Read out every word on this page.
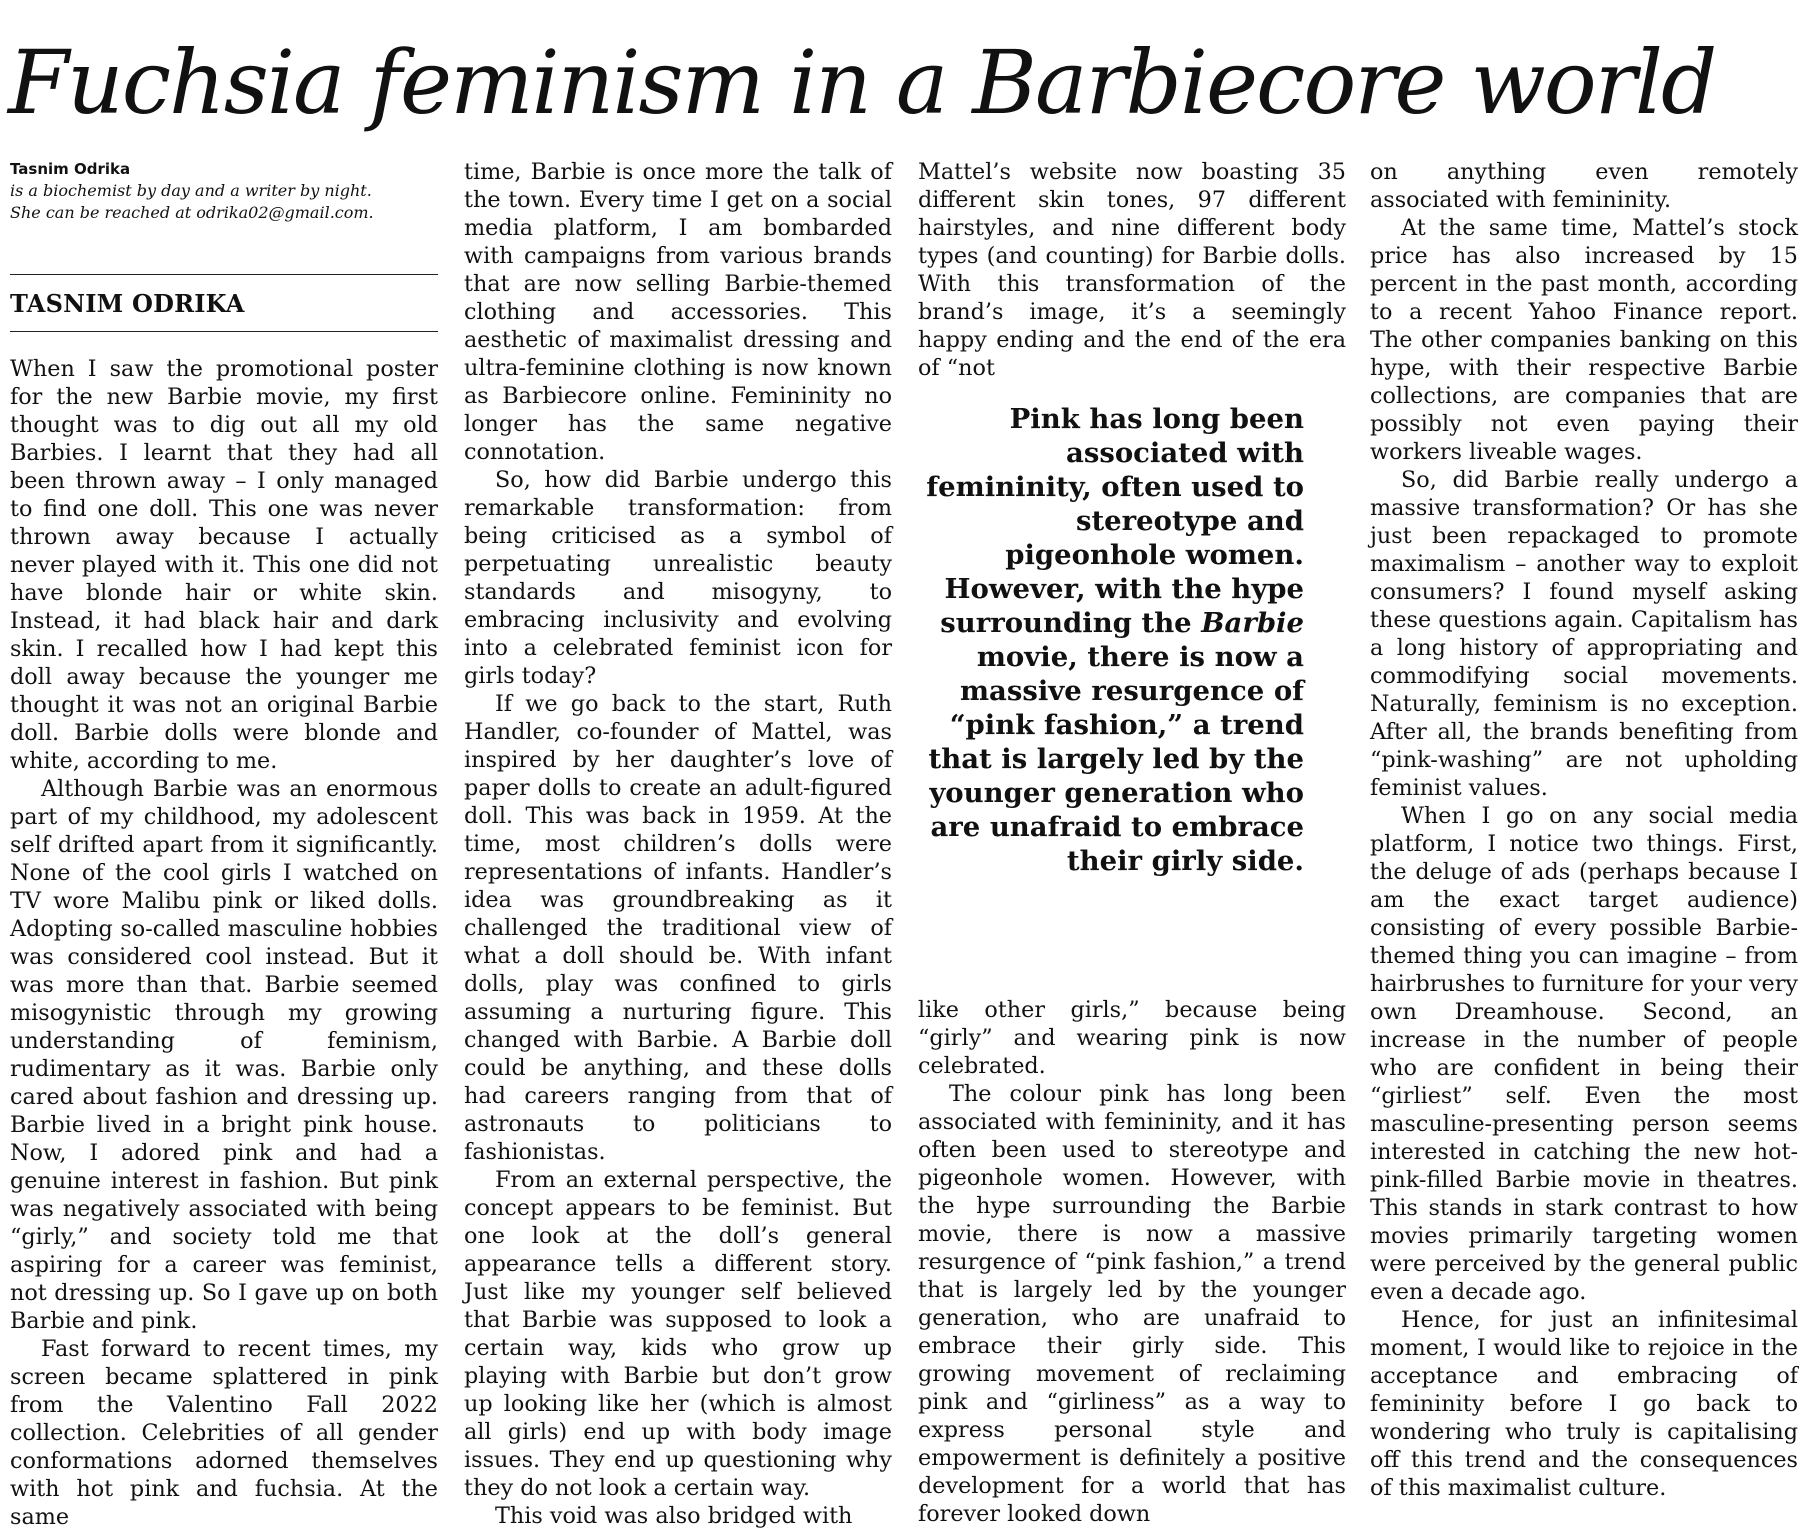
Fuchsia feminism in a Barbiecore world
Tasnim Odrika
is a biochemist by day and a writer by night.
She can be reached at odrika02@gmail.com.
TASNIM ODRIKA

When I saw the promotional poster for the new Barbie movie, my first thought was to dig out all my old Barbies. I learnt that they had all been thrown away – I only managed to find one doll. This one was never thrown away because I actually never played with it. This one did not have blonde hair or white skin. Instead, it had black hair and dark skin. I recalled how I had kept this doll away because the younger me thought it was not an original Barbie doll. Barbie dolls were blonde and white, according to me.

Although Barbie was an enormous part of my childhood, my adolescent self drifted apart from it significantly. None of the cool girls I watched on TV wore Malibu pink or liked dolls. Adopting so-called masculine hobbies was considered cool instead. But it was more than that. Barbie seemed misogynistic through my growing understanding of feminism, rudimentary as it was. Barbie only cared about fashion and dressing up. Barbie lived in a bright pink house. Now, I adored pink and had a genuine interest in fashion. But pink was negatively associated with being “girly,” and society told me that aspiring for a career was feminist, not dressing up. So I gave up on both Barbie and pink.

Fast forward to recent times, my screen became splattered in pink from the Valentino Fall 2022 collection. Celebrities of all gender conformations adorned themselves with hot pink and fuchsia. At the same

time, Barbie is once more the talk of the town. Every time I get on a social media platform, I am bombarded with campaigns from various brands that are now selling Barbie-themed clothing and accessories. This aesthetic of maximalist dressing and ultra-feminine clothing is now known as Barbiecore online. Femininity no longer has the same negative connotation.

So, how did Barbie undergo this remarkable transformation: from being criticised as a symbol of perpetuating unrealistic beauty standards and misogyny, to embracing inclusivity and evolving into a celebrated feminist icon for girls today?

If we go back to the start, Ruth Handler, co-founder of Mattel, was inspired by her daughter’s love of paper dolls to create an adult-figured doll. This was back in 1959. At the time, most children’s dolls were representations of infants. Handler’s idea was groundbreaking as it challenged the traditional view of what a doll should be. With infant dolls, play was confined to girls assuming a nurturing figure. This changed with Barbie. A Barbie doll could be anything, and these dolls had careers ranging from that of astronauts to politicians to fashionistas.

From an external perspective, the concept appears to be feminist. But one look at the doll’s general appearance tells a different story. Just like my younger self believed that Barbie was supposed to look a certain way, kids who grow up playing with Barbie but don’t grow up looking like her (which is almost all girls) end up with body image issues. They end up questioning why they do not look a certain way.

This void was also bridged with

Mattel’s website now boasting 35 different skin tones, 97 different hairstyles, and nine different body types (and counting) for Barbie dolls. With this transformation of the brand’s image, it’s a seemingly happy ending and the end of the era of “not

like other girls,” because being “girly” and wearing pink is now celebrated.

The colour pink has long been associated with femininity, and it has often been used to stereotype and pigeonhole women. However, with the hype surrounding the Barbie movie, there is now a massive resurgence of “pink fashion,” a trend that is largely led by the younger generation, who are unafraid to embrace their girly side. This growing movement of reclaiming pink and “girliness” as a way to express personal style and empowerment is definitely a positive development for a world that has forever looked down

Pink has long been associated with femininity, often used to stereotype and pigeonhole women. However, with the hype surrounding the Barbie movie, there is now a massive resurgence of “pink fashion,” a trend that is largely led by the younger generation who are unafraid to embrace their girly side.

on anything even remotely associated with femininity.

At the same time, Mattel’s stock price has also increased by 15 percent in the past month, according to a recent Yahoo Finance report. The other companies banking on this hype, with their respective Barbie collections, are companies that are possibly not even paying their workers liveable wages.

So, did Barbie really undergo a massive transformation? Or has she just been repackaged to promote maximalism – another way to exploit consumers? I found myself asking these questions again. Capitalism has a long history of appropriating and commodifying social movements. Naturally, feminism is no exception. After all, the brands benefiting from “pink-washing” are not upholding feminist values.

When I go on any social media platform, I notice two things. First, the deluge of ads (perhaps because I am the exact target audience) consisting of every possible Barbie-themed thing you can imagine – from hairbrushes to furniture for your very own Dreamhouse. Second, an increase in the number of people who are confident in being their “girliest” self. Even the most masculine-presenting person seems interested in catching the new hot-pink-filled Barbie movie in theatres. This stands in stark contrast to how movies primarily targeting women were perceived by the general public even a decade ago.

Hence, for just an infinitesimal moment, I would like to rejoice in the acceptance and embracing of femininity before I go back to wondering who truly is capitalising off this trend and the consequences of this maximalist culture.
